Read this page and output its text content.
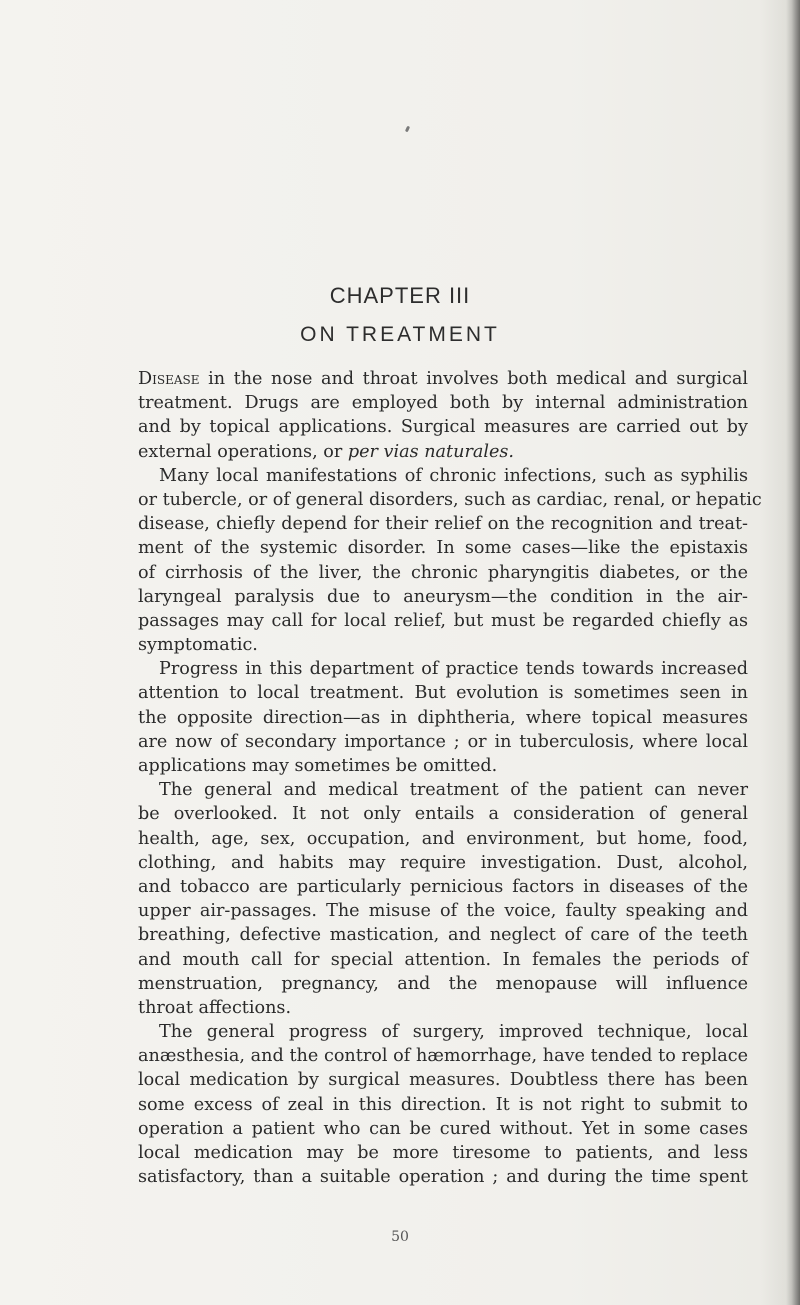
CHAPTER III
ON TREATMENT
Disease in the nose and throat involves both medical and surgical
treatment. Drugs are employed both by internal administration
and by topical applications. Surgical measures are carried out by
external operations, or per vias naturales.
Many local manifestations of chronic infections, such as syphilis
or tubercle, or of general disorders, such as cardiac, renal, or hepatic
disease, chiefly depend for their relief on the recognition and treat-
ment of the systemic disorder. In some cases—like the epistaxis
of cirrhosis of the liver, the chronic pharyngitis diabetes, or the
laryngeal paralysis due to aneurysm—the condition in the air-
passages may call for local relief, but must be regarded chiefly as
symptomatic.
Progress in this department of practice tends towards increased
attention to local treatment. But evolution is sometimes seen in
the opposite direction—as in diphtheria, where topical measures
are now of secondary importance ; or in tuberculosis, where local
applications may sometimes be omitted.
The general and medical treatment of the patient can never
be overlooked. It not only entails a consideration of general
health, age, sex, occupation, and environment, but home, food,
clothing, and habits may require investigation. Dust, alcohol,
and tobacco are particularly pernicious factors in diseases of the
upper air-passages. The misuse of the voice, faulty speaking and
breathing, defective mastication, and neglect of care of the teeth
and mouth call for special attention. In females the periods of
menstruation, pregnancy, and the menopause will influence
throat affections.
The general progress of surgery, improved technique, local
anæsthesia, and the control of hæmorrhage, have tended to replace
local medication by surgical measures. Doubtless there has been
some excess of zeal in this direction. It is not right to submit to
operation a patient who can be cured without. Yet in some cases
local medication may be more tiresome to patients, and less
satisfactory, than a suitable operation ; and during the time spent
50
